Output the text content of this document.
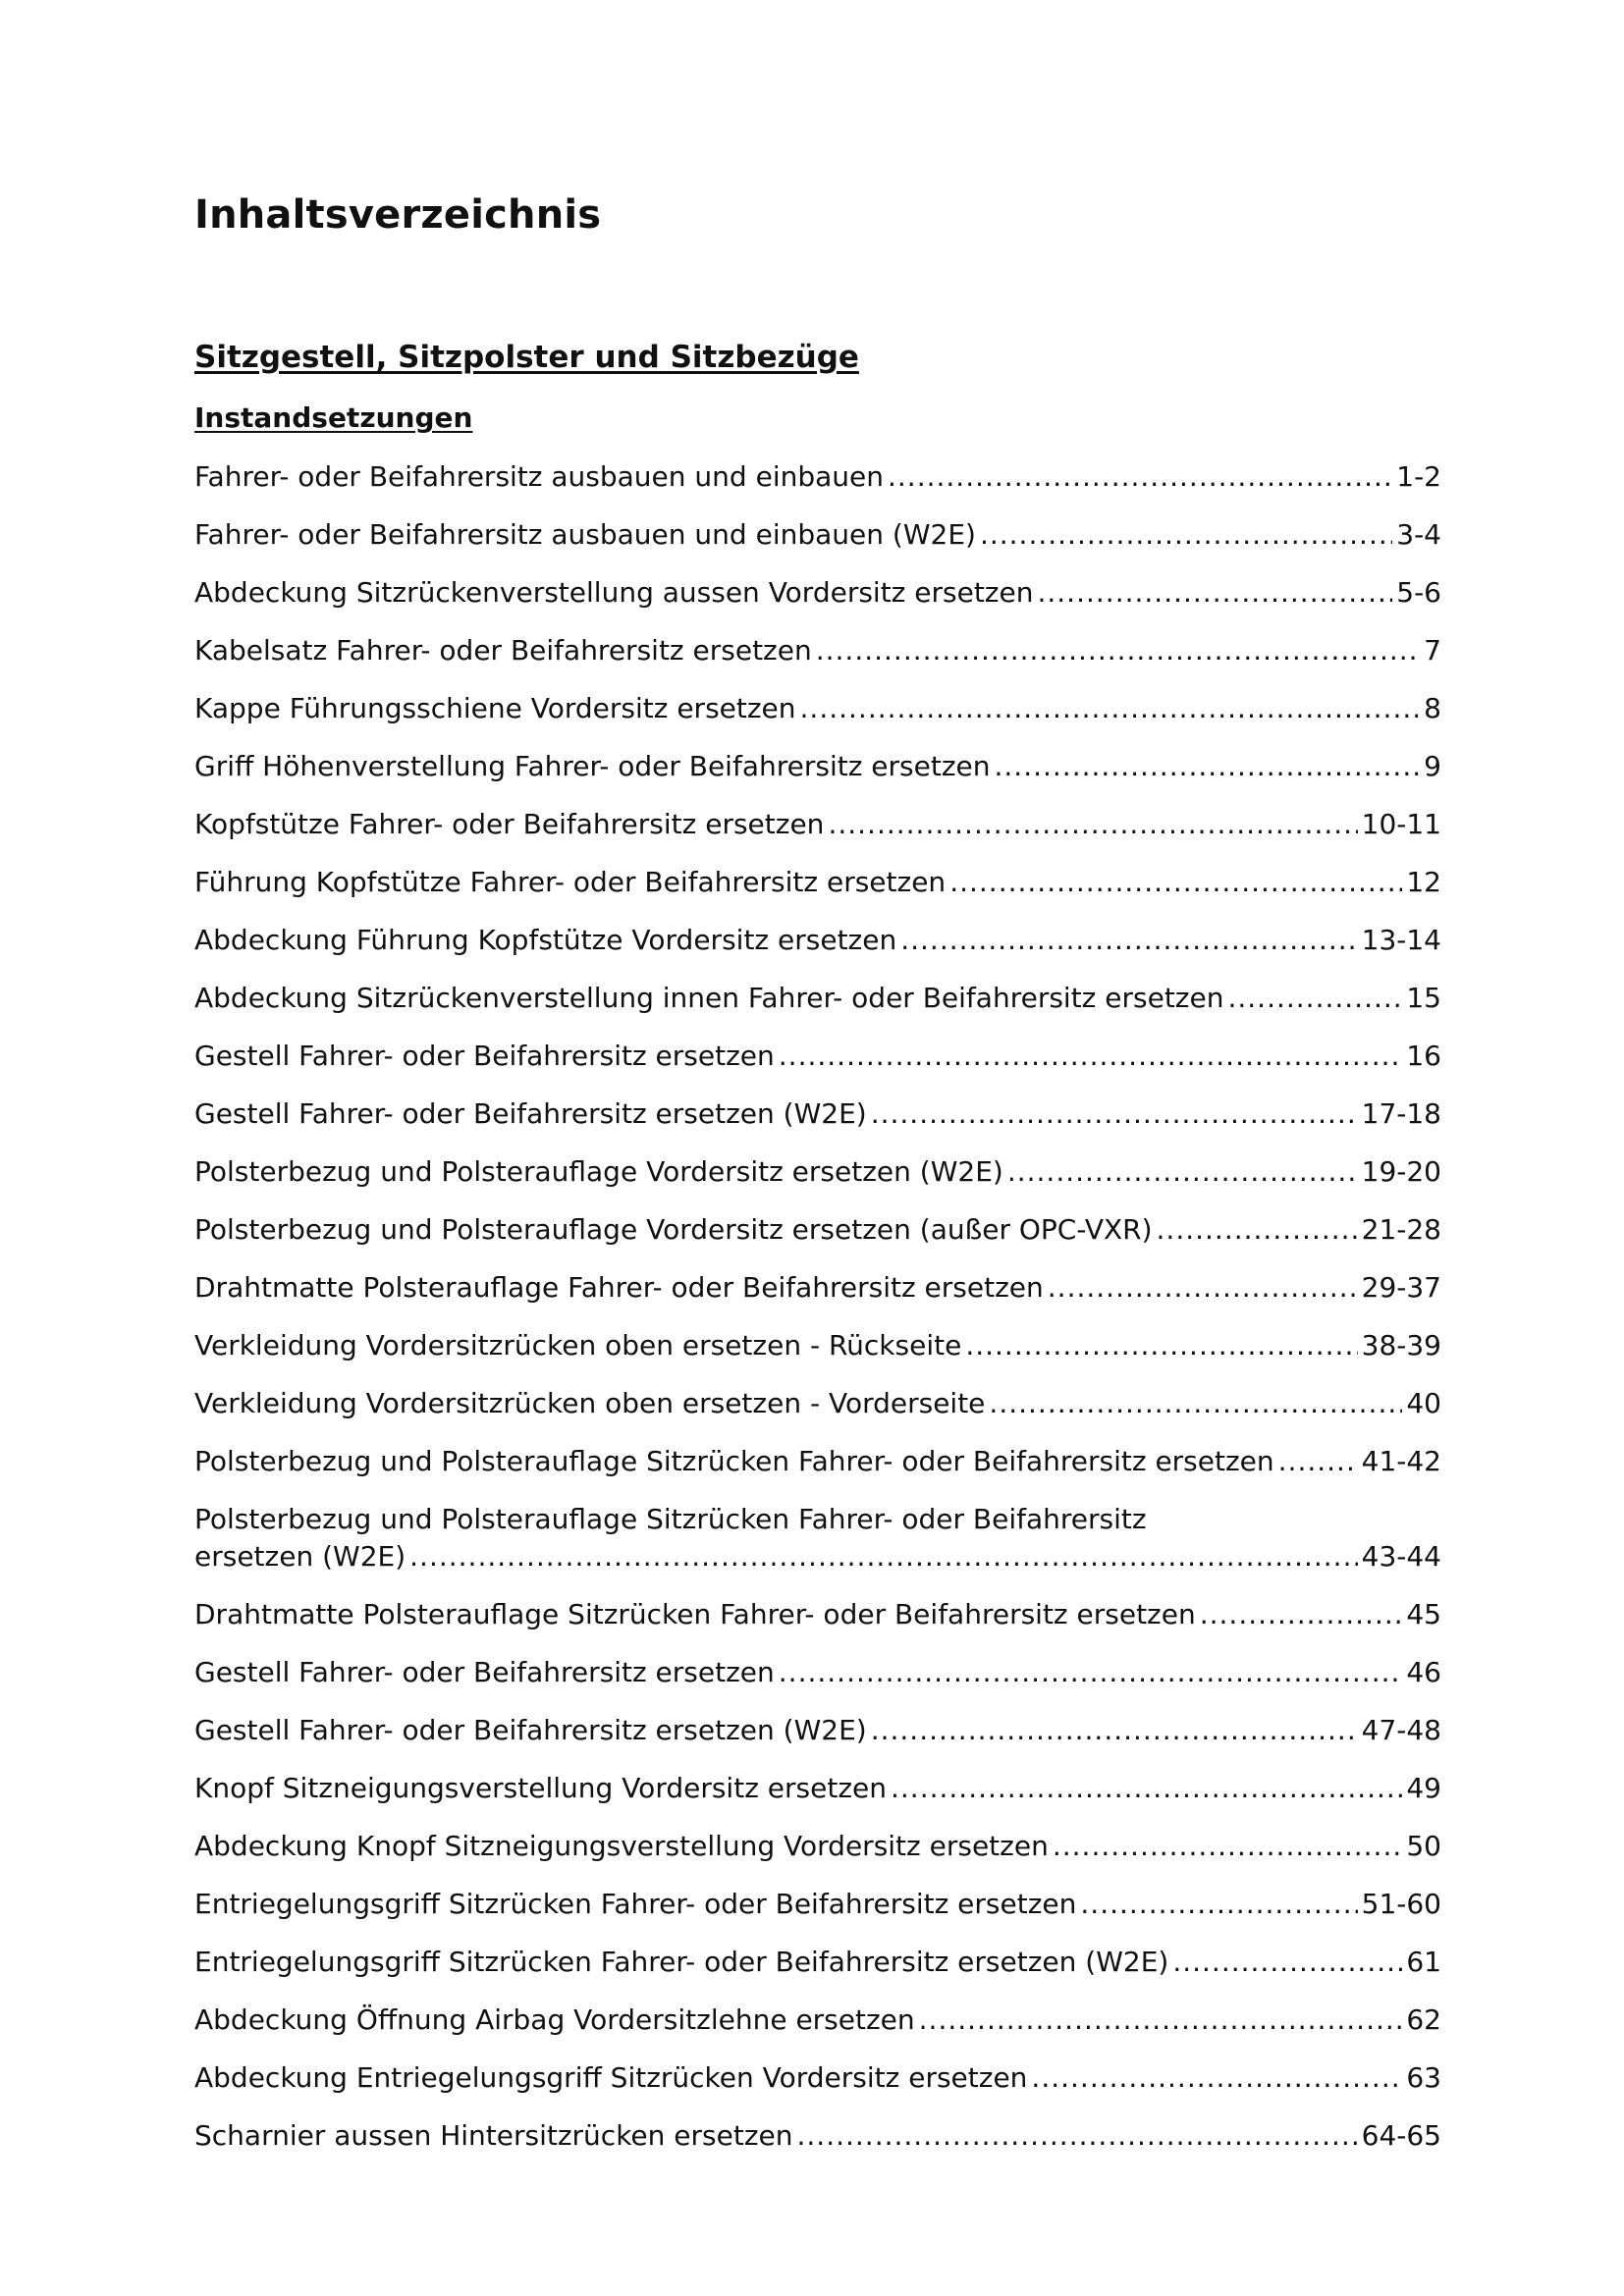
Inhaltsverzeichnis
Sitzgestell, Sitzpolster und Sitzbezüge
Instandsetzungen
Fahrer- oder Beifahrersitz ausbauen und einbauen .....	1-2
Fahrer- oder Beifahrersitz ausbauen und einbauen (W2E) .....	3-4
Abdeckung Sitzrückenverstellung aussen Vordersitz ersetzen .....	5-6
Kabelsatz Fahrer- oder Beifahrersitz ersetzen .....	7
Kappe Führungsschiene Vordersitz ersetzen .....	8
Griff Höhenverstellung Fahrer- oder Beifahrersitz ersetzen .....	9
Kopfstütze Fahrer- oder Beifahrersitz ersetzen .....	10-11
Führung Kopfstütze Fahrer- oder Beifahrersitz ersetzen .....	12
Abdeckung Führung Kopfstütze Vordersitz ersetzen .....	13-14
Abdeckung Sitzrückenverstellung innen Fahrer- oder Beifahrersitz ersetzen .....	15
Gestell Fahrer- oder Beifahrersitz ersetzen .....	16
Gestell Fahrer- oder Beifahrersitz ersetzen (W2E) .....	17-18
Polsterbezug und Polsterauflage Vordersitz ersetzen (W2E) .....	19-20
Polsterbezug und Polsterauflage Vordersitz ersetzen (außer OPC-VXR) .....	21-28
Drahtmatte Polsterauflage Fahrer- oder Beifahrersitz ersetzen .....	29-37
Verkleidung Vordersitzrücken oben ersetzen - Rückseite .....	38-39
Verkleidung Vordersitzrücken oben ersetzen - Vorderseite .....	40
Polsterbezug und Polsterauflage Sitzrücken Fahrer- oder Beifahrersitz ersetzen .....	41-42
Polsterbezug und Polsterauflage Sitzrücken Fahrer- oder Beifahrersitz
ersetzen (W2E) .....	43-44
Drahtmatte Polsterauflage Sitzrücken Fahrer- oder Beifahrersitz ersetzen .....	45
Gestell Fahrer- oder Beifahrersitz ersetzen .....	46
Gestell Fahrer- oder Beifahrersitz ersetzen (W2E) .....	47-48
Knopf Sitzneigungsverstellung Vordersitz ersetzen .....	49
Abdeckung Knopf Sitzneigungsverstellung Vordersitz ersetzen .....	50
Entriegelungsgriff Sitzrücken Fahrer- oder Beifahrersitz ersetzen .....	51-60
Entriegelungsgriff Sitzrücken Fahrer- oder Beifahrersitz ersetzen (W2E) .....	61
Abdeckung Öffnung Airbag Vordersitzlehne ersetzen .....	62
Abdeckung Entriegelungsgriff Sitzrücken Vordersitz ersetzen .....	63
Scharnier aussen Hintersitzrücken ersetzen .....	64-65
